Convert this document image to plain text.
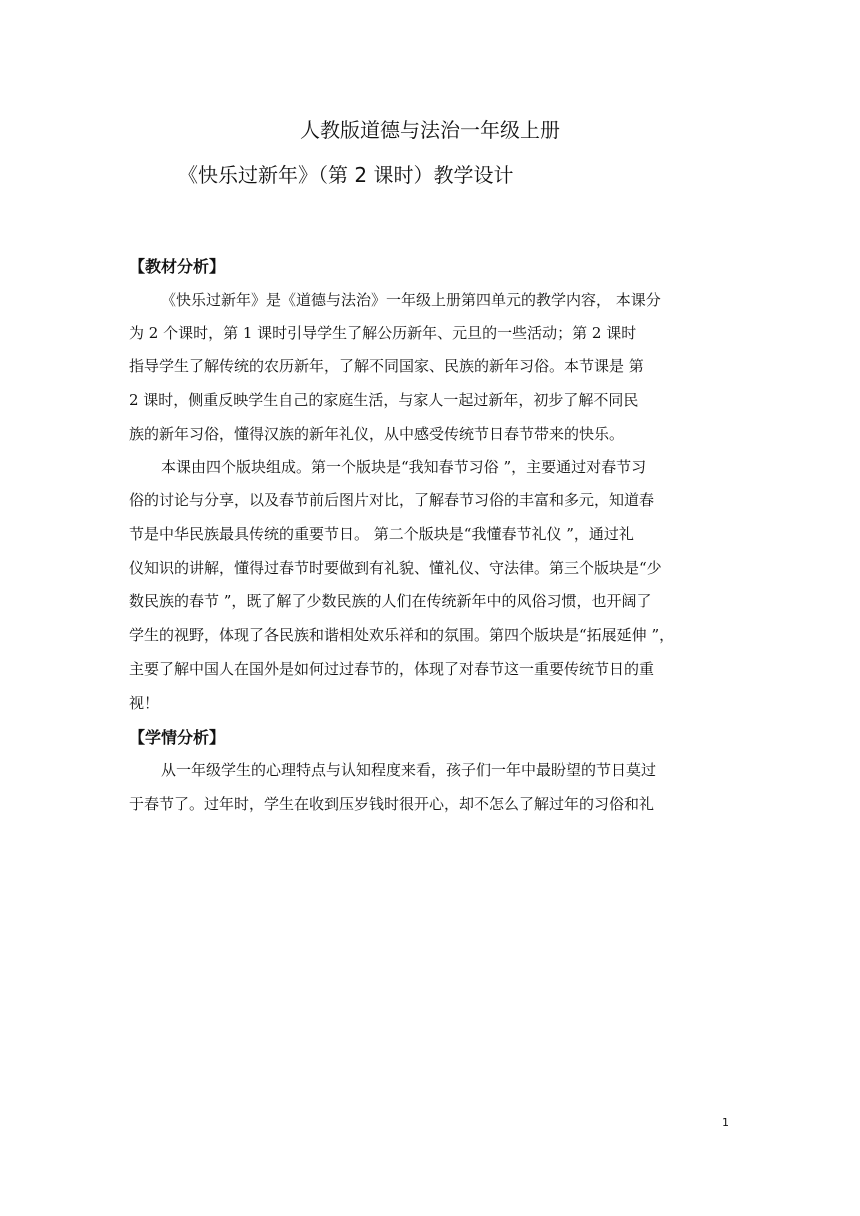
人教版道德与法治一年级上册
《快乐过新年》（第 2 课时）教学设计
【教材分析】
《快乐过新年》是《道德与法治》一年级上册第四单元的教学内容， 本课分
为 2 个课时，第 1 课时引导学生了解公历新年、元旦的一些活动；第 2 课时
指导学生了解传统的农历新年，了解不同国家、民族的新年习俗。本节课是 第
2 课时，侧重反映学生自己的家庭生活，与家人一起过新年，初步了解不同民
族的新年习俗，懂得汉族的新年礼仪，从中感受传统节日春节带来的快乐。
本课由四个版块组成。第一个版块是“我知春节习俗 ”，主要通过对春节习
俗的讨论与分享，以及春节前后图片对比，了解春节习俗的丰富和多元，知道春
节是中华民族最具传统的重要节日。 第二个版块是“我懂春节礼仪 ”，通过礼
仪知识的讲解，懂得过春节时要做到有礼貌、懂礼仪、守法律。第三个版块是“少
数民族的春节 ”，既了解了少数民族的人们在传统新年中的风俗习惯，也开阔了
学生的视野，体现了各民族和谐相处欢乐祥和的氛围。第四个版块是“拓展延伸 ”，
主要了解中国人在国外是如何过过春节的，体现了对春节这一重要传统节日的重
视！
【学情分析】
从一年级学生的心理特点与认知程度来看，孩子们一年中最盼望的节日莫过
于春节了。过年时，学生在收到压岁钱时很开心，却不怎么了解过年的习俗和礼
1
